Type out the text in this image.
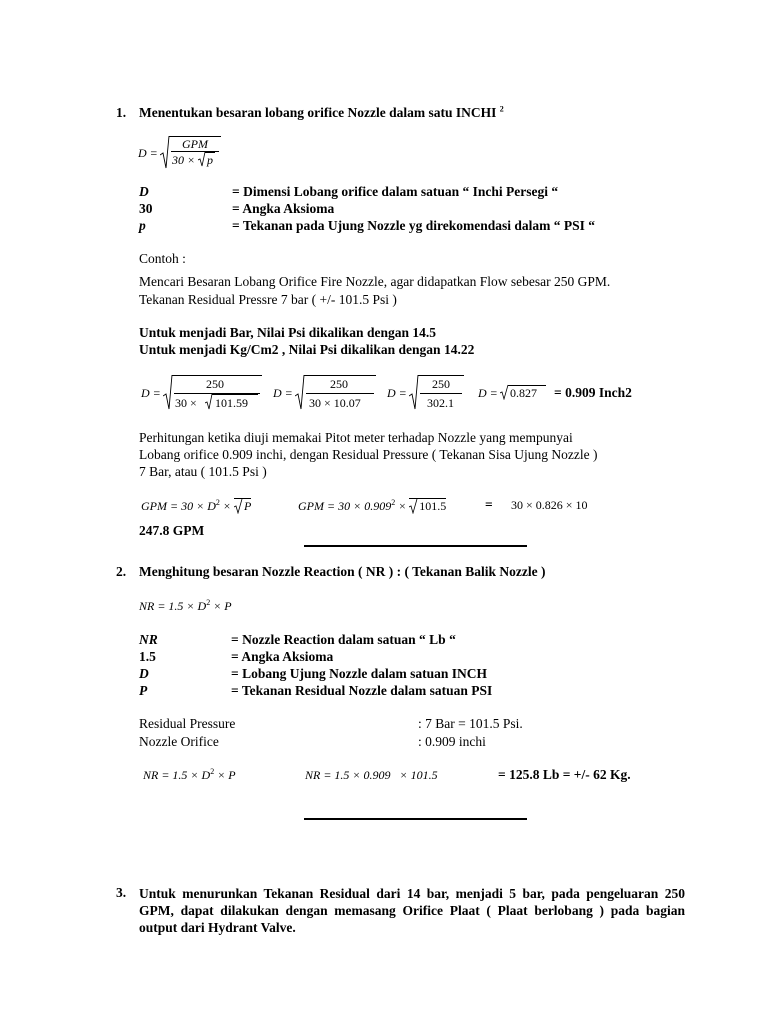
1. Menentukan besaran lobang orifice Nozzle dalam satu INCHI $^2$
D =
GPM
30 × p
D	= Dimensi Lobang orifice dalam satuan “ Inchi Persegi “
30	= Angka Aksioma
p	= Tekanan pada Ujung Nozzle yg direkomendasi dalam “ PSI “
Contoh :
Mencari Besaran Lobang Orifice Fire Nozzle, agar didapatkan Flow sebesar 250 GPM.
Tekanan Residual Pressre 7 bar ( +/- 101.5 Psi )
Untuk menjadi Bar, Nilai Psi dikalikan dengan 14.5
Untuk menjadi Kg/Cm2 , Nilai Psi dikalikan dengan 14.22
D =
250
30 × 101.59
D =
250
30 × 10.07
D =
250
302.1
D = 0.827 = 0.909 Inch2
Perhitungan ketika diuji memakai Pitot meter terhadap Nozzle yang mempunyai
Lobang orifice 0.909 inchi, dengan Residual Pressure ( Tekanan Sisa Ujung Nozzle )
7 Bar, atau ( 101.5 Psi )
GPM = $30 \times D^2$ ×
P	GPM = $30 \times 0.909^2$ ×
101.5	= 30 × 0.826 × 10
247.8 GPM
2. Menghitung besaran Nozzle Reaction ( NR ) : ( Tekanan Balik Nozzle )
NR = $1.5 \times D^2 \times P$
NR	= Nozzle Reaction dalam satuan “ Lb “
1.5	= Angka Aksioma
D	= Lobang Ujung Nozzle dalam satuan INCH
P	= Tekanan Residual Nozzle dalam satuan PSI
Residual Pressure	: 7 Bar = 101.5 Psi.
Nozzle Orifice	: 0.909 inchi
NR = $1.5 \times D^2 \times P$	NR = 1.5 × 0.909   × 101.5	= 125.8 Lb = +/- 62 Kg.
3. Untuk menurunkan Tekanan Residual dari 14 bar, menjadi 5 bar, pada pengeluaran 250 GPM, dapat dilakukan dengan memasang Orifice Plaat ( Plaat berlobang ) pada bagian output dari Hydrant Valve.
